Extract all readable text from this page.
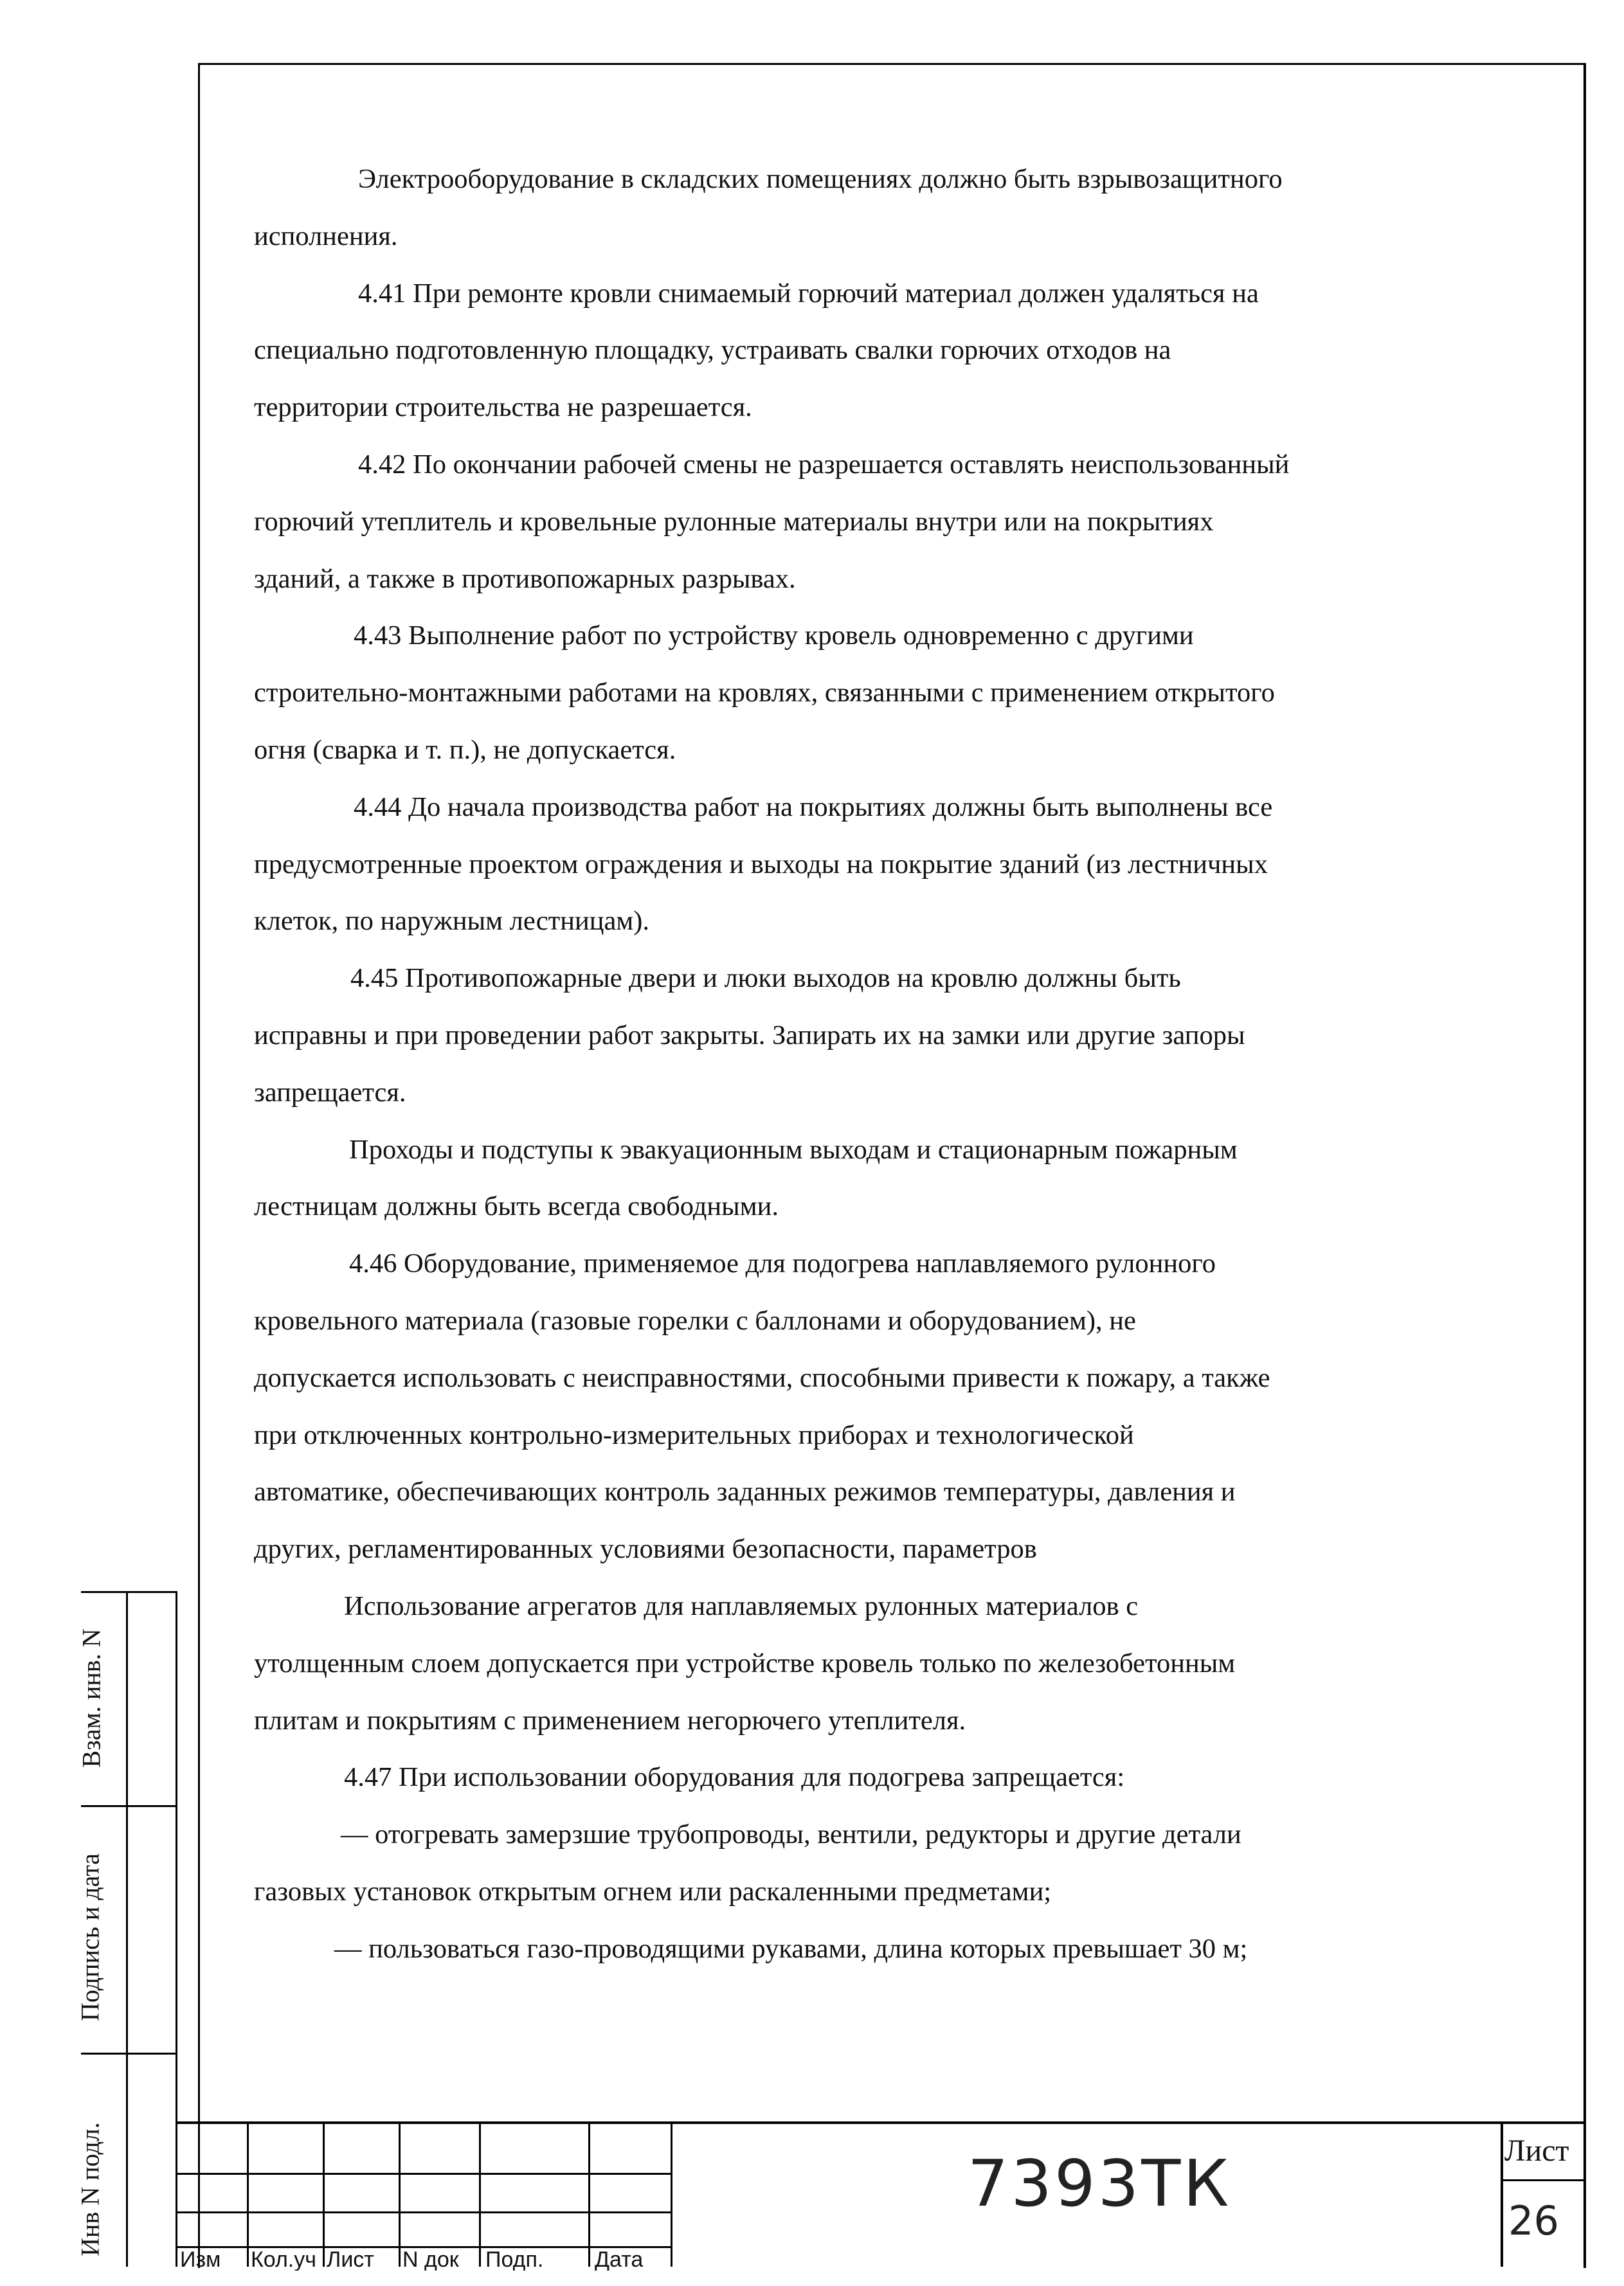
Электрооборудование в складских помещениях должно быть взрывозащитного

исполнения.

4.41 При ремонте кровли снимаемый горючий материал должен удаляться на

специально подготовленную площадку, устраивать свалки горючих отходов на

территории строительства не разрешается.

4.42 По окончании рабочей смены не разрешается оставлять неиспользованный

горючий утеплитель и кровельные рулонные материалы внутри или на покрытиях

зданий, а также в противопожарных разрывах.

4.43 Выполнение работ по устройству кровель одновременно с другими

строительно-монтажными работами на кровлях, связанными с применением открытого

огня (сварка и т. п.), не допускается.

4.44 До начала производства работ на покрытиях должны быть выполнены все

предусмотренные проектом ограждения и выходы на покрытие зданий (из лестничных

клеток, по наружным лестницам).

4.45 Противопожарные двери и люки выходов на кровлю должны быть

исправны и при проведении работ закрыты. Запирать их на замки или другие запоры

запрещается.

Проходы и подступы к эвакуационным выходам и стационарным пожарным

лестницам должны быть всегда свободными.

4.46 Оборудование, применяемое для подогрева наплавляемого рулонного

кровельного материала (газовые горелки с баллонами и оборудованием), не

допускается использовать с неисправностями, способными привести к пожару, а также

при отключенных контрольно-измерительных приборах и технологической

автоматике, обеспечивающих контроль заданных режимов температуры, давления и

других, регламентированных условиями безопасности, параметров

Использование агрегатов для наплавляемых рулонных материалов с

утолщенным слоем допускается при устройстве кровель только по железобетонным

плитам и покрытиям с применением негорючего утеплителя.

4.47 При использовании оборудования для подогрева запрещается:

— отогревать замерзшие трубопроводы, вентили, редукторы и другие детали

газовых установок открытым огнем или раскаленными предметами;

— пользоваться газо-проводящими рукавами, длина которых превышает 30 м;

Взам. инв. N
Подпись и дата
Инв N подл.
Изм	Кол.уч Лист	N док	Подп.	Дата
7393ТК	Лист
26
